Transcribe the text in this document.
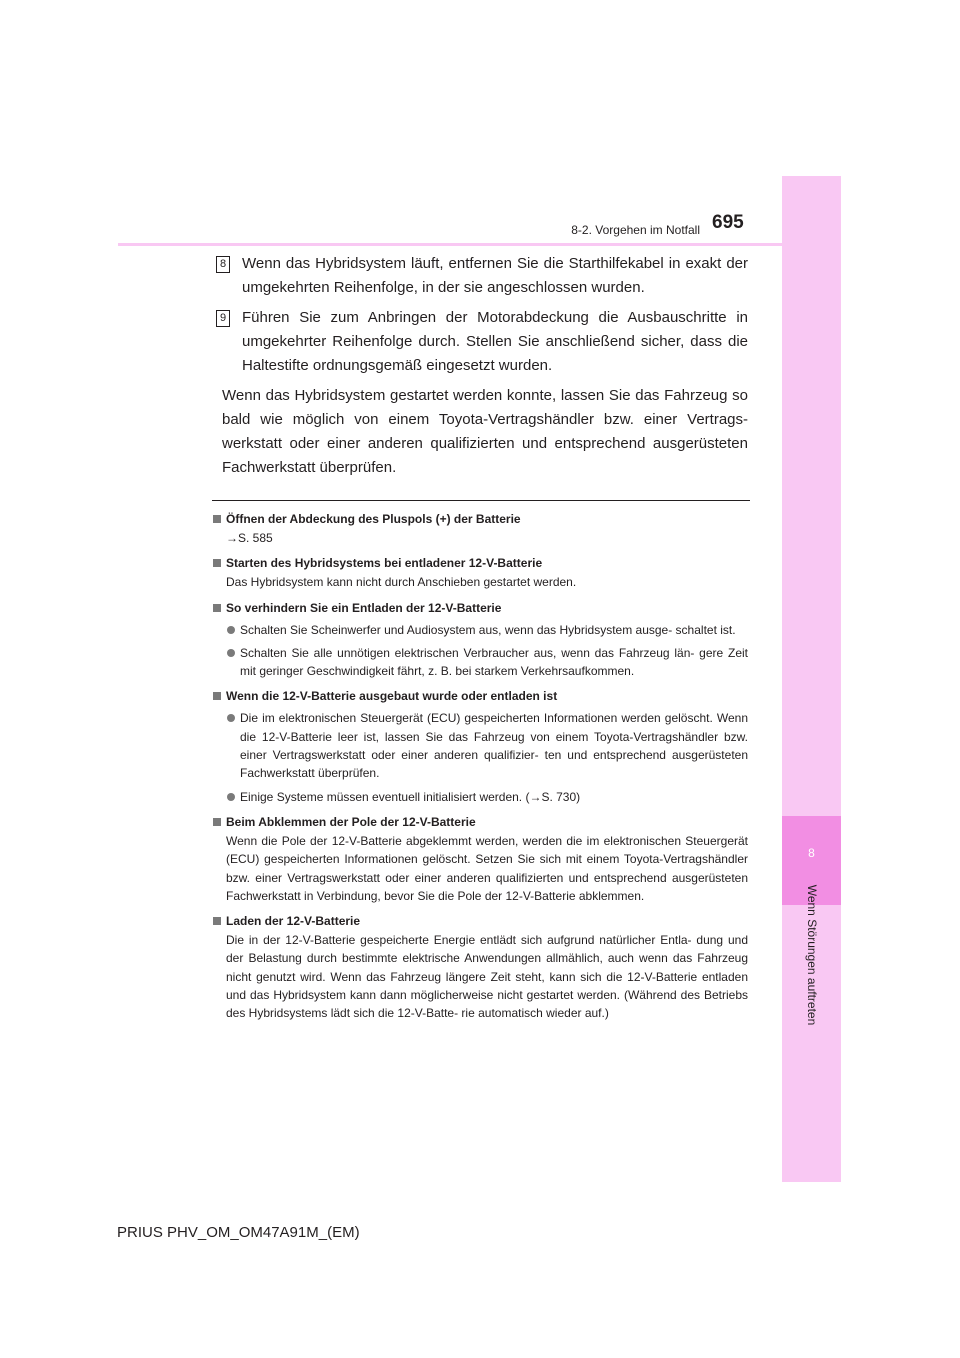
8
Wenn Störungen auftreten
8-2. Vorgehen im Notfall 695
8 Wenn das Hybridsystem läuft, entfernen Sie die Starthilfekabel in exakt der umgekehrten Reihenfolge, in der sie angeschlossen wurden.
9 Führen Sie zum Anbringen der Motorabdeckung die Ausbauschritte in umgekehrter Reihenfolge durch. Stellen Sie anschließend sicher, dass die Haltestifte ordnungsgemäß eingesetzt wurden.
Wenn das Hybridsystem gestartet werden konnte, lassen Sie das Fahrzeug so bald wie möglich von einem Toyota-Vertragshändler bzw. einer Vertrags- werkstatt oder einer anderen qualifizierten und entsprechend ausgerüsteten Fachwerkstatt überprüfen.
Öffnen der Abdeckung des Pluspols (+) der Batterie
→S. 585
Starten des Hybridsystems bei entladener 12-V-Batterie
Das Hybridsystem kann nicht durch Anschieben gestartet werden.
So verhindern Sie ein Entladen der 12-V-Batterie
Schalten Sie Scheinwerfer und Audiosystem aus, wenn das Hybridsystem ausge- schaltet ist.
Schalten Sie alle unnötigen elektrischen Verbraucher aus, wenn das Fahrzeug län- gere Zeit mit geringer Geschwindigkeit fährt, z. B. bei starkem Verkehrsaufkommen.
Wenn die 12-V-Batterie ausgebaut wurde oder entladen ist
Die im elektronischen Steuergerät (ECU) gespeicherten Informationen werden gelöscht. Wenn die 12-V-Batterie leer ist, lassen Sie das Fahrzeug von einem Toyota-Vertragshändler bzw. einer Vertragswerkstatt oder einer anderen qualifizier- ten und entsprechend ausgerüsteten Fachwerkstatt überprüfen.
Einige Systeme müssen eventuell initialisiert werden. (→S. 730)
Beim Abklemmen der Pole der 12-V-Batterie
Wenn die Pole der 12-V-Batterie abgeklemmt werden, werden die im elektronischen Steuergerät (ECU) gespeicherten Informationen gelöscht. Setzen Sie sich mit einem Toyota-Vertragshändler bzw. einer Vertragswerkstatt oder einer anderen qualifizierten und entsprechend ausgerüsteten Fachwerkstatt in Verbindung, bevor Sie die Pole der 12-V-Batterie abklemmen.
Laden der 12-V-Batterie
Die in der 12-V-Batterie gespeicherte Energie entlädt sich aufgrund natürlicher Entla- dung und der Belastung durch bestimmte elektrische Anwendungen allmählich, auch wenn das Fahrzeug nicht genutzt wird. Wenn das Fahrzeug längere Zeit steht, kann sich die 12-V-Batterie entladen und das Hybridsystem kann dann möglicherweise nicht gestartet werden. (Während des Betriebs des Hybridsystems lädt sich die 12-V-Batte- rie automatisch wieder auf.)
PRIUS PHV_OM_OM47A91M_(EM)
